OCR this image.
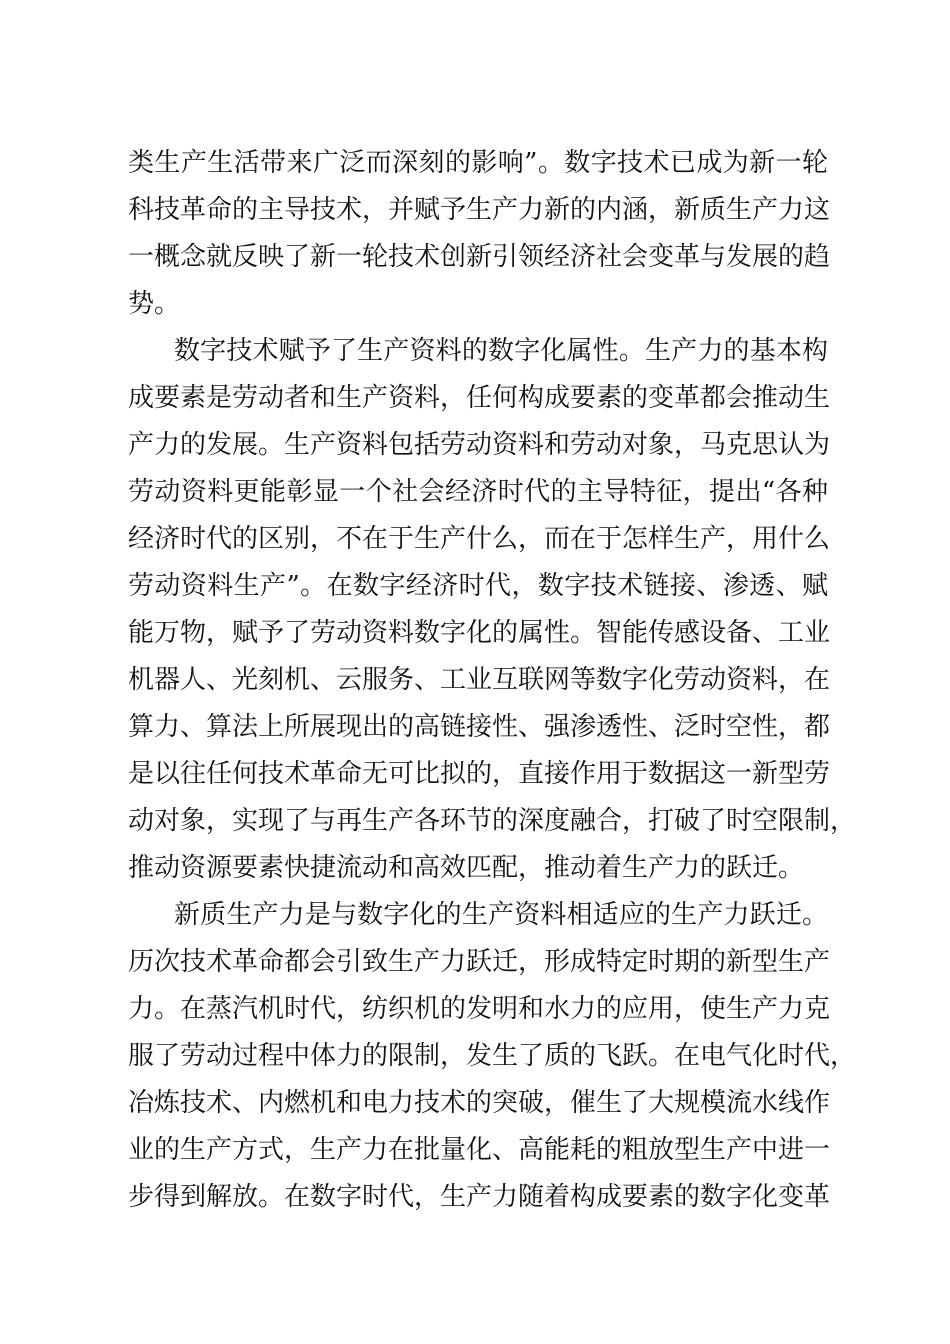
类生产生活带来广泛而深刻的影响”。数字技术已成为新一轮
科技革命的主导技术，并赋予生产力新的内涵，新质生产力这
一概念就反映了新一轮技术创新引领经济社会变革与发展的趋
势。
数字技术赋予了生产资料的数字化属性。生产力的基本构
成要素是劳动者和生产资料，任何构成要素的变革都会推动生
产力的发展。生产资料包括劳动资料和劳动对象，马克思认为
劳动资料更能彰显一个社会经济时代的主导特征，提出“各种
经济时代的区别，不在于生产什么，而在于怎样生产，用什么
劳动资料生产”。在数字经济时代，数字技术链接、渗透、赋
能万物，赋予了劳动资料数字化的属性。智能传感设备、工业
机器人、光刻机、云服务、工业互联网等数字化劳动资料，在
算力、算法上所展现出的高链接性、强渗透性、泛时空性，都
是以往任何技术革命无可比拟的，直接作用于数据这一新型劳
动对象，实现了与再生产各环节的深度融合，打破了时空限制，
推动资源要素快捷流动和高效匹配，推动着生产力的跃迁。
新质生产力是与数字化的生产资料相适应的生产力跃迁。
历次技术革命都会引致生产力跃迁，形成特定时期的新型生产
力。在蒸汽机时代，纺织机的发明和水力的应用，使生产力克
服了劳动过程中体力的限制，发生了质的飞跃。在电气化时代，
冶炼技术、内燃机和电力技术的突破，催生了大规模流水线作
业的生产方式，生产力在批量化、高能耗的粗放型生产中进一
步得到解放。在数字时代，生产力随着构成要素的数字化变革
